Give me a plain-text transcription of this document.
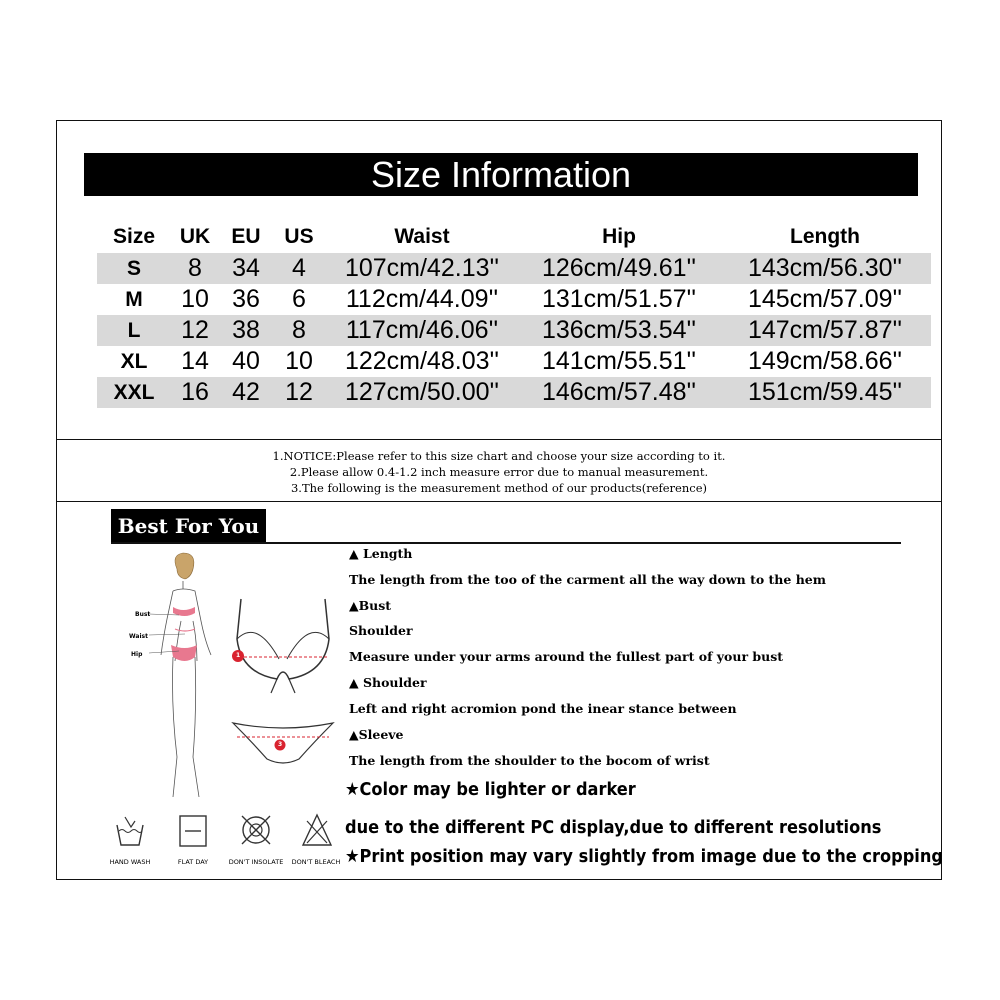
Size Information
Size	UK	EU	US	Waist	Hip	Length
S	8	34	4	107cm/42.13''	126cm/49.61''	143cm/56.30''
M	10	36	6	112cm/44.09''	131cm/51.57''	145cm/57.09''
L	12	38	8	117cm/46.06''	136cm/53.54''	147cm/57.87''
XL	14	40	10	122cm/48.03''	141cm/55.51''	149cm/58.66''
XXL	16	42	12	127cm/50.00''	146cm/57.48''	151cm/59.45''
1.NOTICE:Please refer to this size chart and choose your size according to it.
2.Please allow 0.4-1.2 inch measure error due to manual measurement.
3.The following is the measurement method of our products(reference)
Best For You
Bust
Waist
Hip	1
3
▲ Length
The length from the too of the carment all the way down to the hem
▲Bust
Shoulder
Measure under your arms around the fullest part of your bust
▲ Shoulder
Left and right acromion pond the inear stance between
▲Sleeve
The length from the shoulder to the bocom of wrist
★Color may be lighter or darker
due to the different PC display,due to different resolutions
★Print position may vary slightly from image due to the cropping
HAND WASH	FLAT DAY	DON'T INSOLATE	DON'T BLEACH
